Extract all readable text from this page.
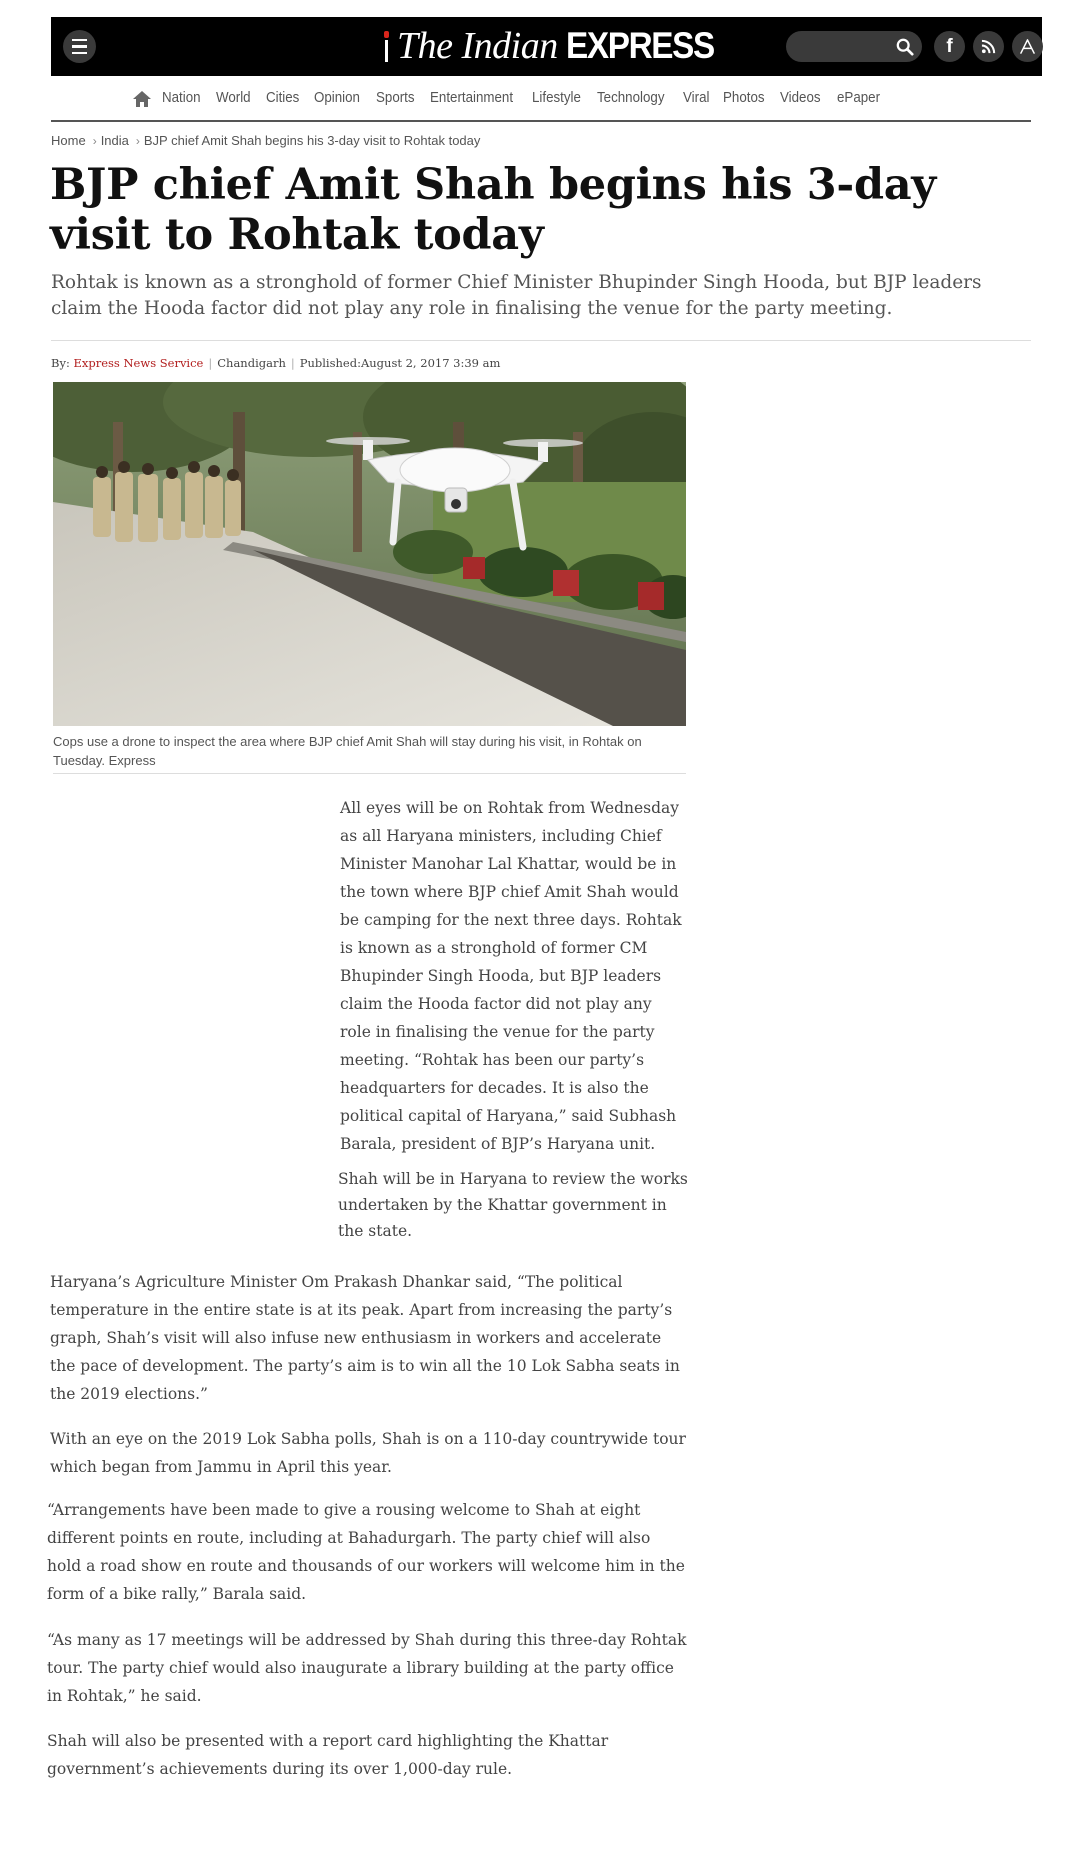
The Indian EXPRESS	f
Nation World Cities Opinion Sports Entertainment Lifestyle Technology Viral Photos Videos ePaper
Home › India › BJP chief Amit Shah begins his 3-day visit to Rohtak today
BJP chief Amit Shah begins his 3-day visit to Rohtak today
Rohtak is known as a stronghold of former Chief Minister Bhupinder Singh Hooda, but BJP leaders claim the Hooda factor did not play any role in finalising the venue for the party meeting.
By: Express News Service | Chandigarh | Published:August 2, 2017 3:39 am
Cops use a drone to inspect the area where BJP chief Amit Shah will stay during his visit, in Rohtak on Tuesday. Express

All eyes will be on Rohtak from Wednesday as all Haryana ministers, including Chief Minister Manohar Lal Khattar, would be in the town where BJP chief Amit Shah would be camping for the next three days. Rohtak is known as a stronghold of former CM Bhupinder Singh Hooda, but BJP leaders claim the Hooda factor did not play any role in finalising the venue for the party meeting. “Rohtak has been our party’s headquarters for decades. It is also the political capital of Haryana,” said Subhash Barala, president of BJP’s Haryana unit.

Shah will be in Haryana to review the works undertaken by the Khattar government in the state.

Haryana’s Agriculture Minister Om Prakash Dhankar said, “The political temperature in the entire state is at its peak. Apart from increasing the party’s graph, Shah’s visit will also infuse new enthusiasm in workers and accelerate the pace of development. The party’s aim is to win all the 10 Lok Sabha seats in the 2019 elections.”

With an eye on the 2019 Lok Sabha polls, Shah is on a 110-day countrywide tour which began from Jammu in April this year.

“Arrangements have been made to give a rousing welcome to Shah at eight different points en route, including at Bahadurgarh. The party chief will also hold a road show en route and thousands of our workers will welcome him in the form of a bike rally,” Barala said.

“As many as 17 meetings will be addressed by Shah during this three-day Rohtak tour. The party chief would also inaugurate a library building at the party office in Rohtak,” he said.

Shah will also be presented with a report card highlighting the Khattar government’s achievements during its over 1,000-day rule.
